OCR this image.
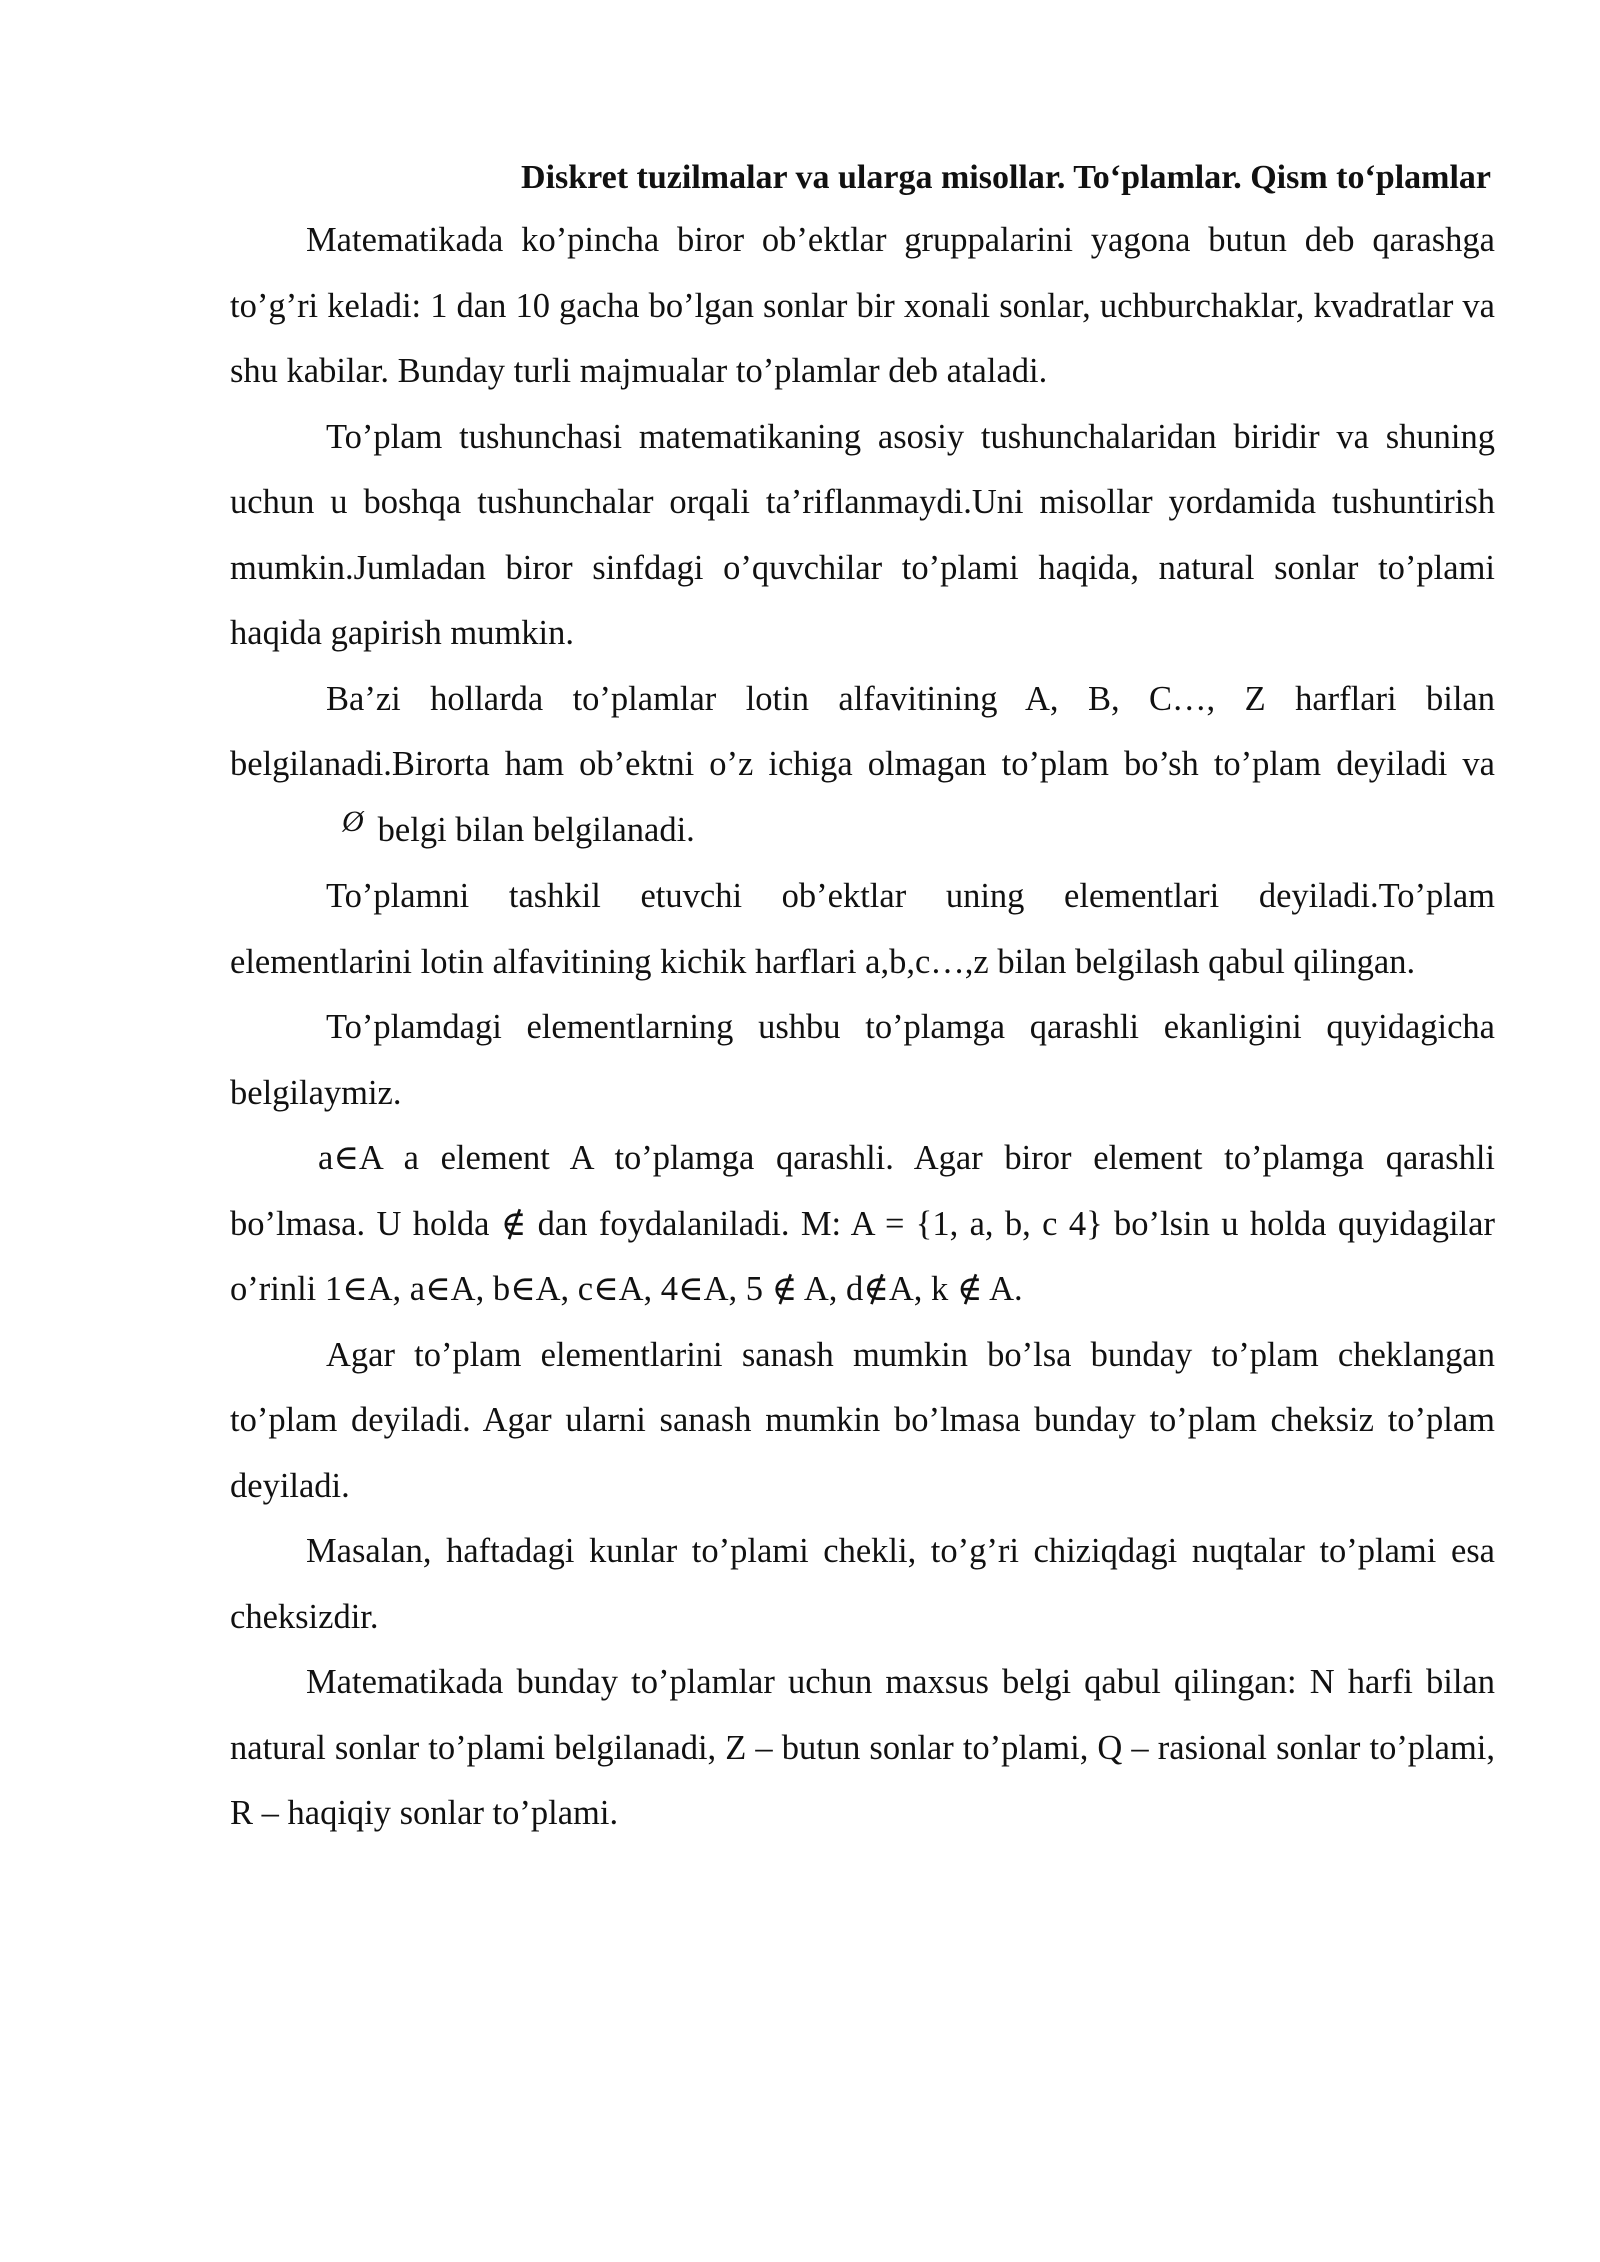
Diskret tuzilmalar va ularga misollar. To‘plamlar. Qism to‘plamlar

Matematikada ko’pincha biror ob’ektlar gruppalarini yagona butun deb qarashga to’g’ri keladi: 1 dan 10 gacha bo’lgan sonlar bir xonali sonlar, uchburchaklar, kvadratlar va shu kabilar. Bunday turli majmualar to’plamlar deb ataladi.

To’plam tushunchasi matematikaning asosiy tushunchalaridan biridir va shuning uchun u boshqa tushunchalar orqali ta’riflanmaydi.Uni misollar yordamida tushuntirish mumkin.Jumladan biror sinfdagi o’quvchilar to’plami haqida, natural sonlar to’plami haqida gapirish mumkin.

Ba’zi hollarda to’plamlar lotin alfavitining A, B, C…, Z harflari bilan belgilanadi.Birorta ham ob’ektni o’z ichiga olmagan to’plam bo’sh to’plam deyiladi vaØ belgi bilan belgilanadi.

To’plamni tashkil etuvchi ob’ektlar uning elementlari deyiladi.To’plam elementlarini lotin alfavitining kichik harflari a,b,c…,z bilan belgilash qabul qilingan.

To’plamdagi elementlarning ushbu to’plamga qarashli ekanligini quyidagicha belgilaymiz.

a∈A a element A to’plamga qarashli. Agar biror element to’plamga qarashli bo’lmasa. U holda ∉ dan foydalaniladi. M: A = {1, a, b, c 4} bo’lsin u holda quyidagilar o’rinli 1∈A, a∈A, b∈A, c∈A, 4∈A, 5 ∉ A, d∉A, k ∉ A.

Agar to’plam elementlarini sanash mumkin bo’lsa bunday to’plam cheklangan to’plam deyiladi. Agar ularni sanash mumkin bo’lmasa bunday to’plam cheksiz to’plam deyiladi.

Masalan, haftadagi kunlar to’plami chekli, to’g’ri chiziqdagi nuqtalar to’plami esa cheksizdir.

Matematikada bunday to’plamlar uchun maxsus belgi qabul qilingan: N harfi bilan natural sonlar to’plami belgilanadi, Z – butun sonlar to’plami, Q – rasional sonlar to’plami, R – haqiqiy sonlar to’plami.
